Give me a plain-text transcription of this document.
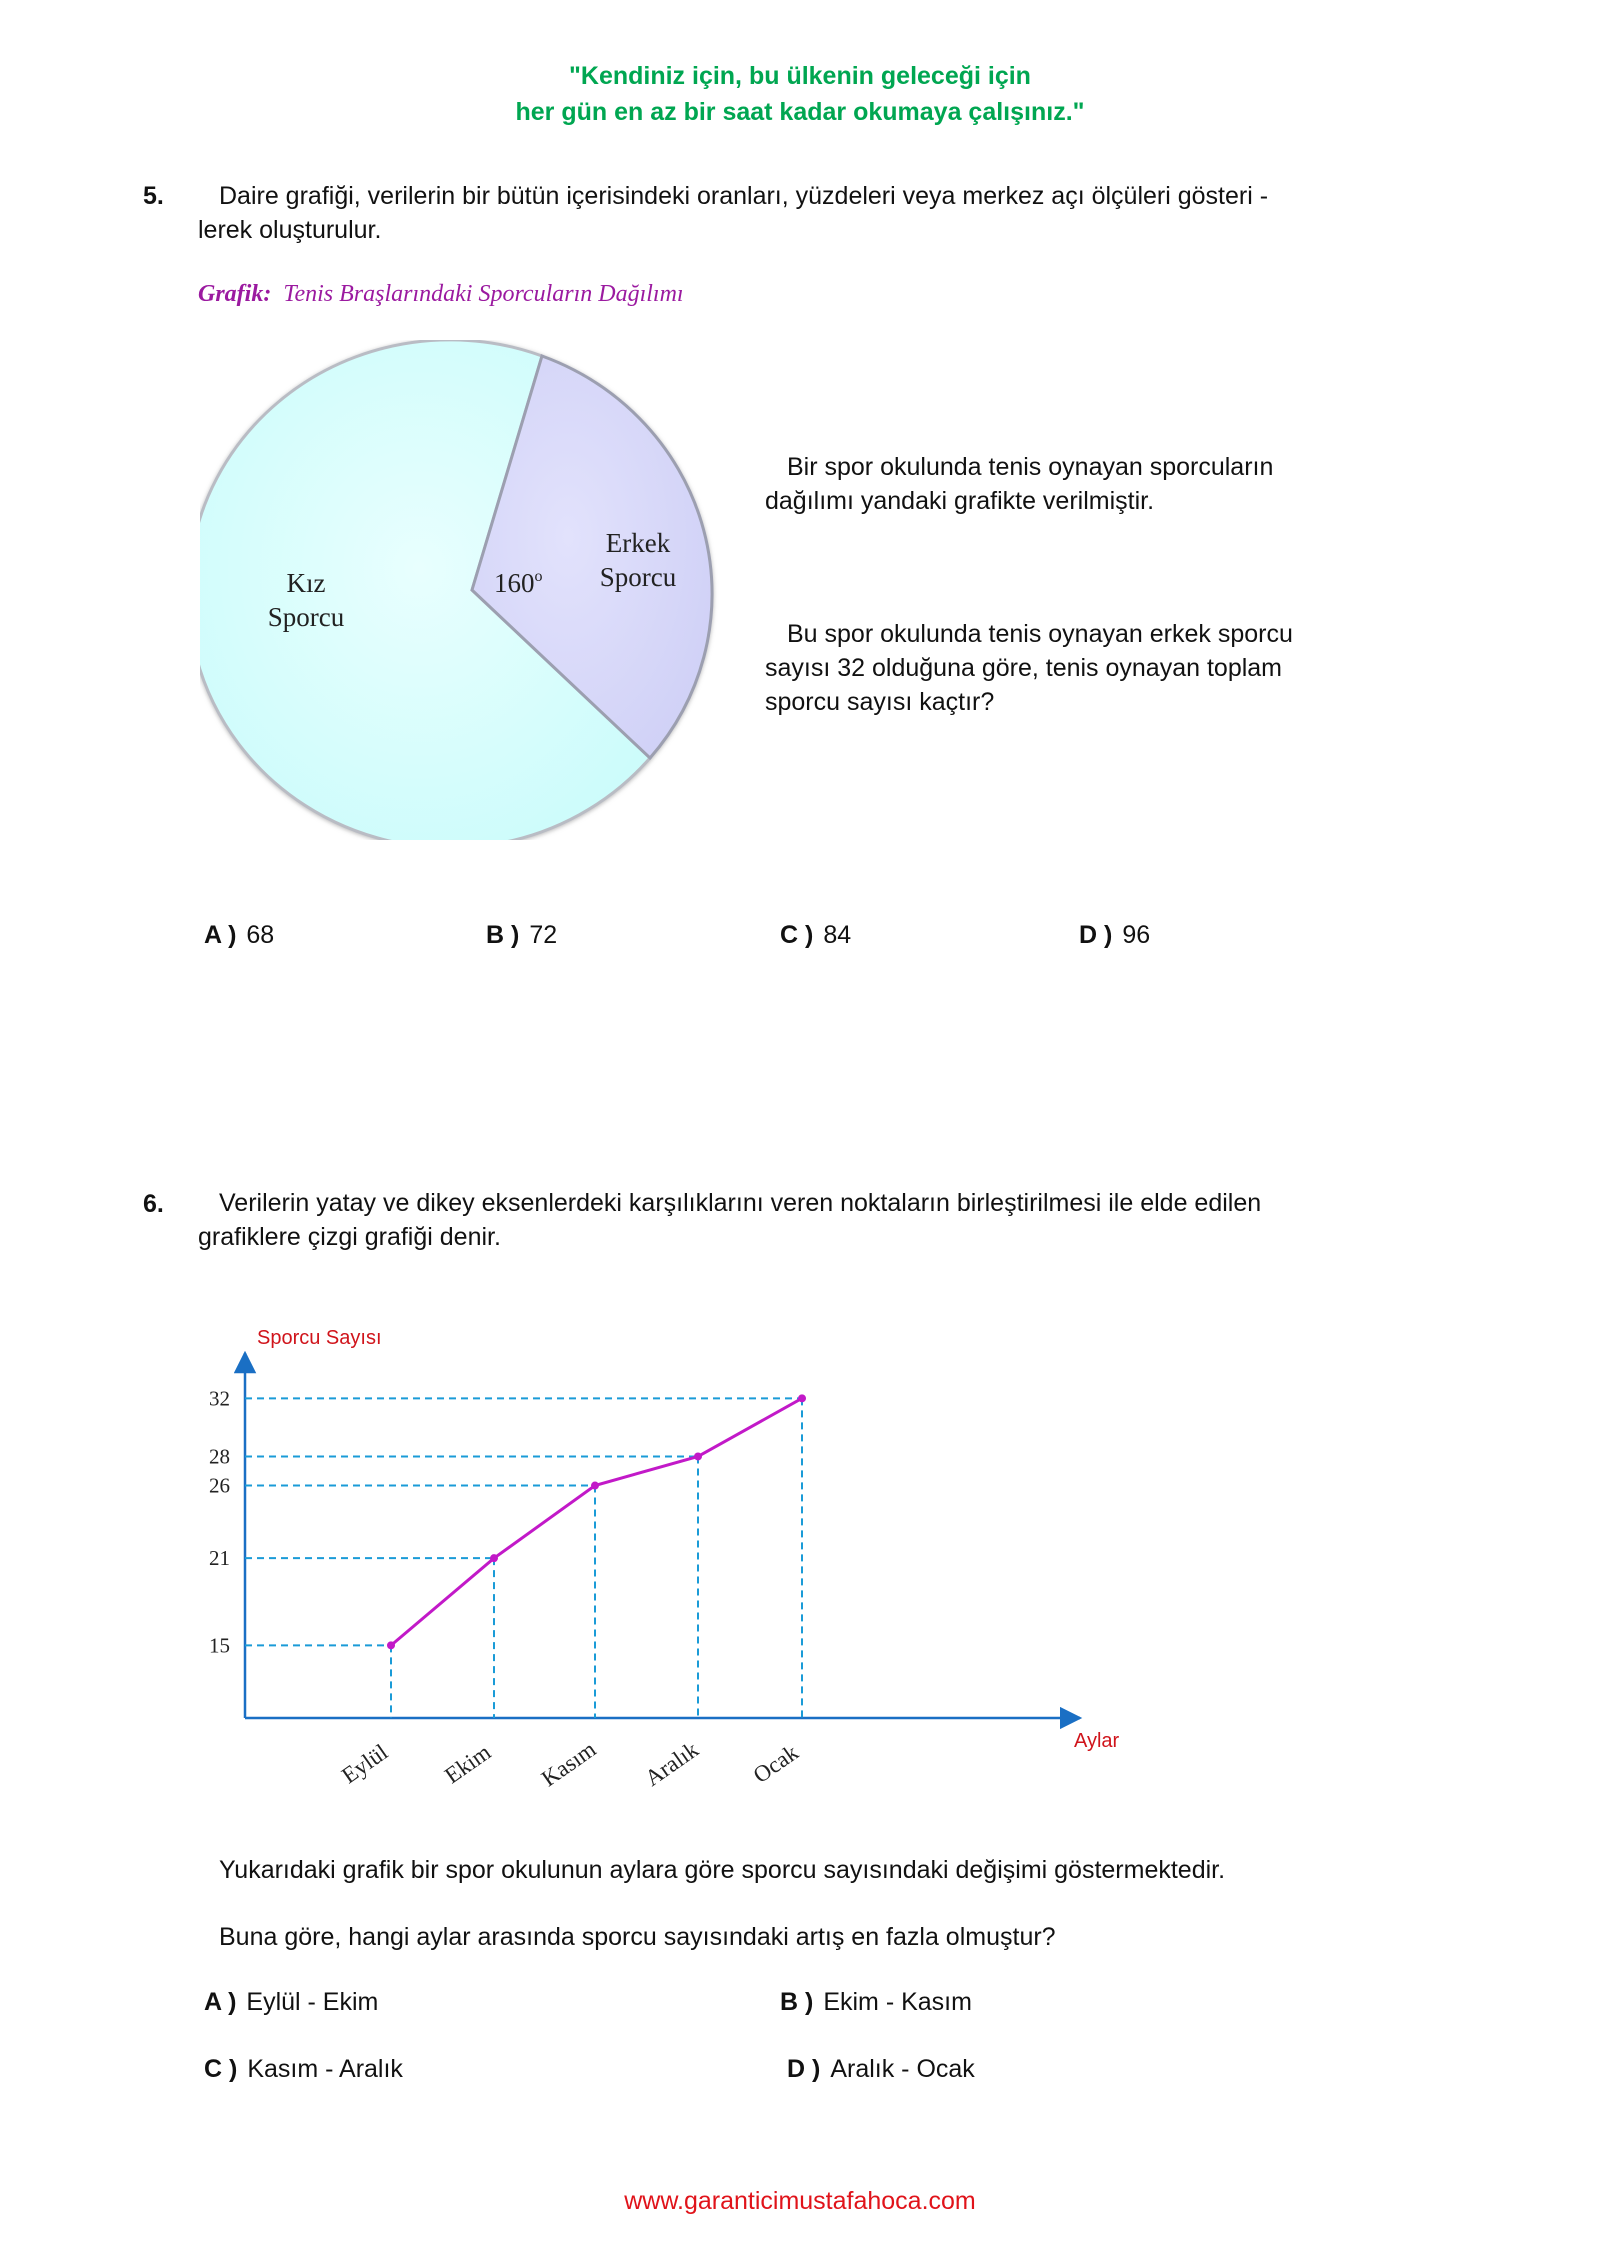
"Kendiniz için, bu ülkenin geleceği için
her gün en az bir saat kadar okumaya çalışınız."
5. Daire grafiği, verilerin bir bütün içerisindeki oranları, yüzdeleri veya merkez açı ölçüleri gösteri -
lerek oluşturulur.
Grafik: Tenis Braşlarındaki Sporcuların Dağılımı
Kız
Sporcu
Erkek
Sporcu
160$^o$
Bir spor okulunda tenis oynayan sporcuların
dağılımı yandaki grafikte verilmiştir.
Bu spor okulunda tenis oynayan erkek sporcu
sayısı 32 olduğuna göre, tenis oynayan toplam
sporcu sayısı kaçtır?
A ) 68	B ) 72	C ) 84	D ) 96
6. Verilerin yatay ve dikey eksenlerdeki karşılıklarını veren noktaların birleştirilmesi ile elde edilen
grafiklere çizgi grafiği denir.
Sporcu Sayısı
Aylar
15
21
26
28
32
Eylül Ekim Kasım Aralık Ocak
Yukarıdaki grafik bir spor okulunun aylara göre sporcu sayısındaki değişimi göstermektedir.
Buna göre, hangi aylar arasında sporcu sayısındaki artış en fazla olmuştur?
A ) Eylül - Ekim	B ) Ekim - Kasım
C ) Kasım - Aralık	D ) Aralık - Ocak
www.garanticimustafahoca.com
